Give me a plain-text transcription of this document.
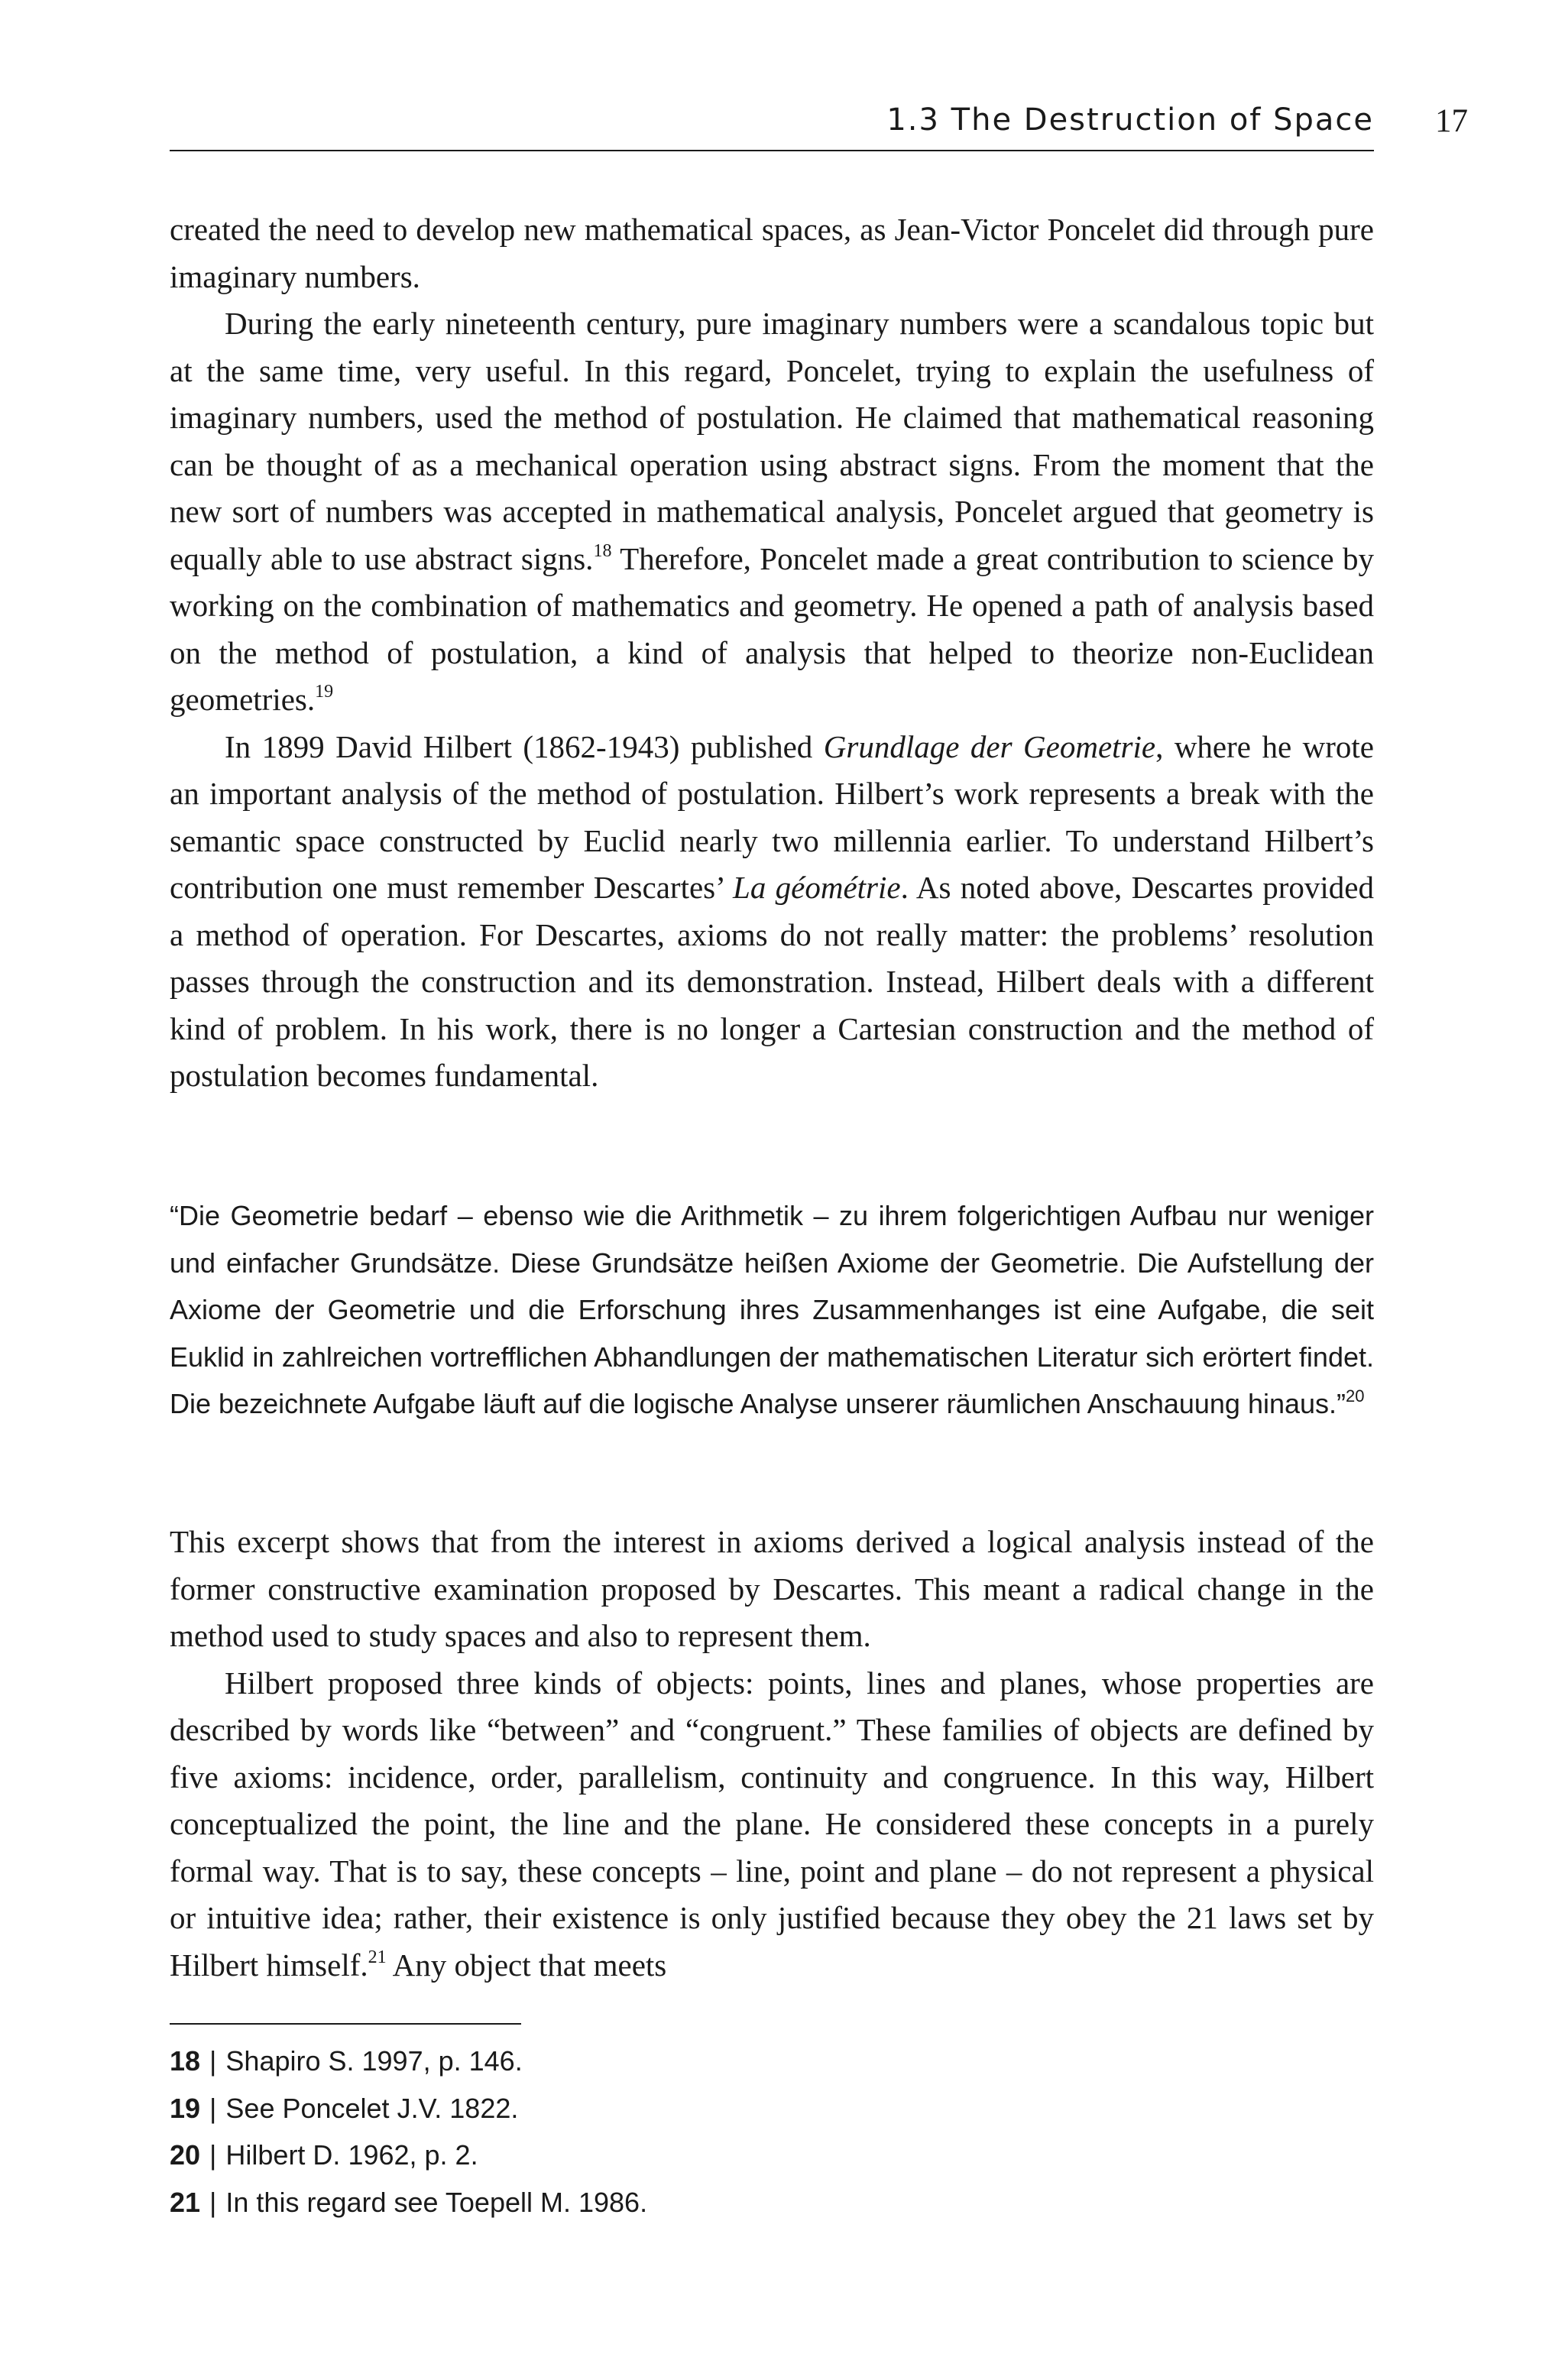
1.3 The Destruction of Space

created the need to develop new mathematical spaces, as Jean-Victor Poncelet did through pure imaginary numbers.

During the early nineteenth century, pure imaginary numbers were a scandalous topic but at the same time, very useful. In this regard, Poncelet, trying to explain the usefulness of imaginary numbers, used the method of postulation. He claimed that mathematical reasoning can be thought of as a mechanical operation using abstract signs. From the moment that the new sort of numbers was accepted in mathematical analysis, Poncelet argued that geometry is equally able to use abstract signs.$^{18}$ Therefore, Poncelet made a great contribution to science by working on the combination of mathematics and geometry. He opened a path of analysis based on the method of postulation, a kind of analysis that helped to theorize non-Euclidean geometries.$^{19}$

In 1899 David Hilbert (1862-1943) published Grundlage der Geometrie, where he wrote an important analysis of the method of postulation. Hilbert’s work represents a break with the semantic space constructed by Euclid nearly two millennia earlier. To understand Hilbert’s contribution one must remember Descartes’ La géométrie. As noted above, Descartes provided a method of operation. For Descartes, axioms do not really matter: the problems’ resolution passes through the construction and its demonstration. Instead, Hilbert deals with a different kind of problem. In his work, there is no longer a Cartesian construction and the method of postulation becomes fundamental.

“Die Geometrie bedarf – ebenso wie die Arithmetik – zu ihrem folgerichtigen Aufbau nur weniger und einfacher Grundsätze. Diese Grundsätze heißen Axiome der Geometrie. Die Aufstellung der Axiome der Geometrie und die Erforschung ihres Zusammenhanges ist eine Aufgabe, die seit Euklid in zahlreichen vortrefflichen Abhandlungen der mathematischen Literatur sich erörtert findet. Die bezeichnete Aufgabe läuft auf die logische Analyse unserer räumlichen Anschauung hinaus.”$^{20}$

This excerpt shows that from the interest in axioms derived a logical analysis instead of the former constructive examination proposed by Descartes. This meant a radical change in the method used to study spaces and also to represent them.

Hilbert proposed three kinds of objects: points, lines and planes, whose properties are described by words like “between” and “congruent.” These families of objects are defined by five axioms: incidence, order, parallelism, continuity and congruence. In this way, Hilbert conceptualized the point, the line and the plane. He considered these concepts in a purely formal way. That is to say, these concepts – line, point and plane – do not represent a physical or intuitive idea; rather, their existence is only justified because they obey the 21 laws set by Hilbert himself.$^{21}$ Any object that meets

18 | Shapiro S. 1997, p. 146.
19 | See Poncelet J.V. 1822.
20 | Hilbert D. 1962, p. 2.
21 | In this regard see Toepell M. 1986.
17
